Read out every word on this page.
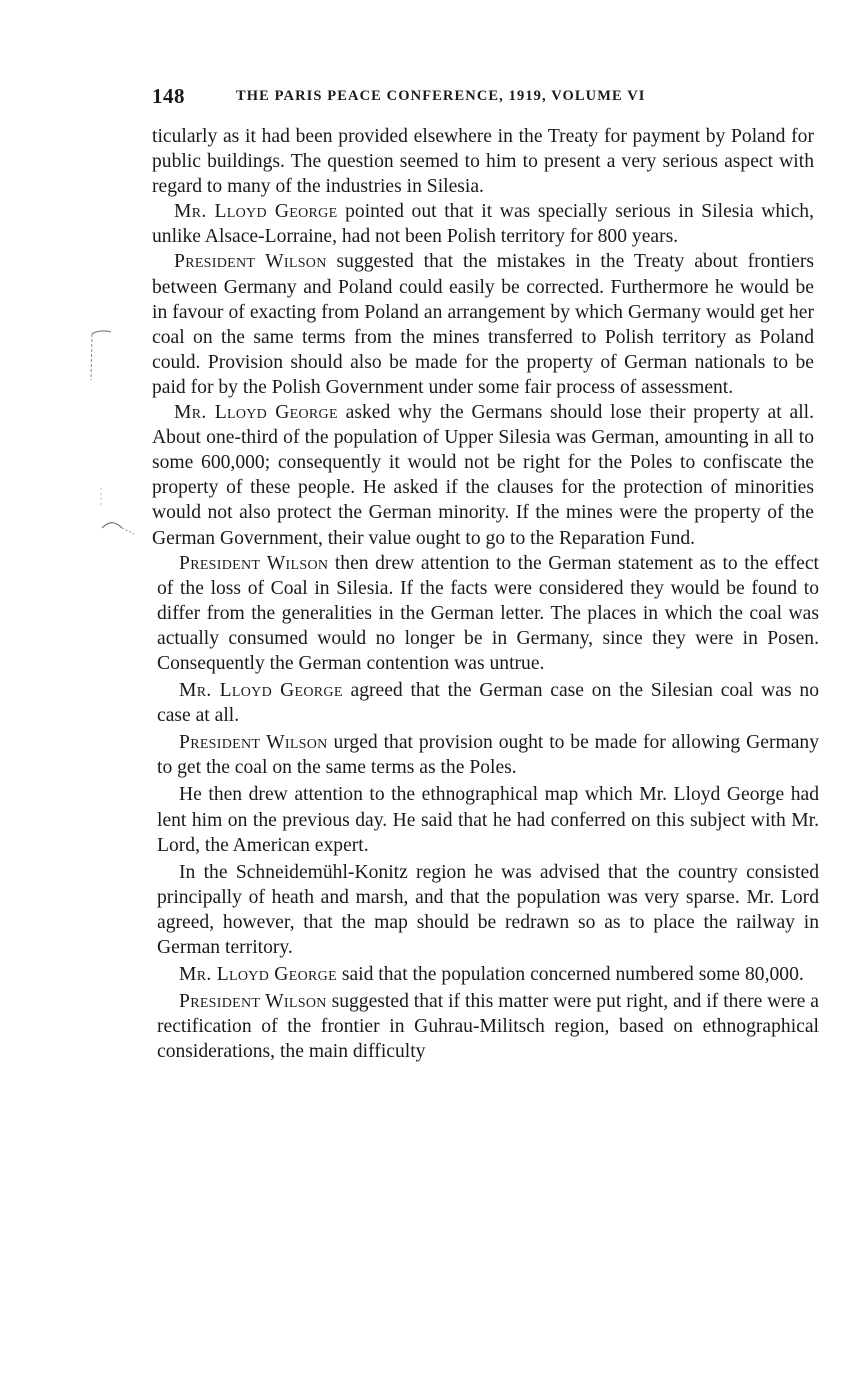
148	THE PARIS PEACE CONFERENCE, 1919, VOLUME VI

ticularly as it had been provided elsewhere in the Treaty for payment by Poland for public buildings. The question seemed to him to present a very serious aspect with regard to many of the industries in Silesia.

Mr. Lloyd George pointed out that it was specially serious in Silesia which, unlike Alsace-Lorraine, had not been Polish territory for 800 years.

President Wilson suggested that the mistakes in the Treaty about frontiers between Germany and Poland could easily be corrected. Furthermore he would be in favour of exacting from Poland an arrangement by which Germany would get her coal on the same terms from the mines transferred to Polish territory as Poland could. Provision should also be made for the property of German nationals to be paid for by the Polish Government under some fair process of assessment.

Mr. Lloyd George asked why the Germans should lose their property at all. About one-third of the population of Upper Silesia was German, amounting in all to some 600,000; consequently it would not be right for the Poles to confiscate the property of these people. He asked if the clauses for the protection of minorities would not also protect the German minority. If the mines were the property of the German Government, their value ought to go to the Reparation Fund.

President Wilson then drew attention to the German statement as to the effect of the loss of Coal in Silesia. If the facts were considered they would be found to differ from the generalities in the German letter. The places in which the coal was actually consumed would no longer be in Germany, since they were in Posen. Consequently the German contention was untrue.

Mr. Lloyd George agreed that the German case on the Silesian coal was no case at all.

President Wilson urged that provision ought to be made for allowing Germany to get the coal on the same terms as the Poles.

He then drew attention to the ethnographical map which Mr. Lloyd George had lent him on the previous day. He said that he had conferred on this subject with Mr. Lord, the American expert.

In the Schneidemühl-Konitz region he was advised that the country consisted principally of heath and marsh, and that the population was very sparse. Mr. Lord agreed, however, that the map should be redrawn so as to place the railway in German territory.

Mr. Lloyd George said that the population concerned numbered some 80,000.

President Wilson suggested that if this matter were put right, and if there were a rectification of the frontier in Guhrau-Militsch region, based on ethnographical considerations, the main difficulty
